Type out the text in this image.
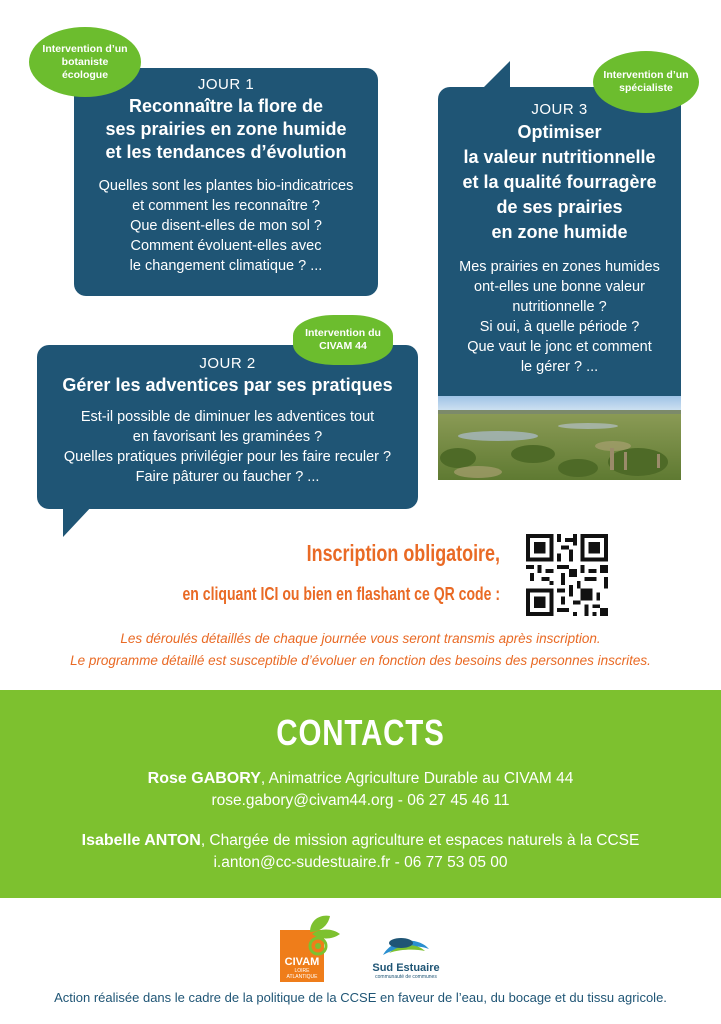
JOUR 1
Reconnaître la flore de
ses prairies en zone humide
et les tendances d’évolution
Quelles sont les plantes bio-indicatrices
et comment les reconnaître ?
Que disent-elles de mon sol ?
Comment évoluent-elles avec
le changement climatique ? ...
Intervention d’un botaniste écologue
JOUR 2
Gérer les adventices par ses pratiques
Est-il possible de diminuer les adventices tout
en favorisant les graminées ?
Quelles pratiques privilégier pour les faire reculer ?
Faire pâturer ou faucher ? ...
Intervention du CIVAM 44
JOUR 3
Optimiser
la valeur nutritionnelle
et la qualité fourragère
de ses prairies
en zone humide
Mes prairies en zones humides
ont-elles une bonne valeur
nutritionnelle ?
Si oui, à quelle période ?
Que vaut le jonc et comment
le gérer ? ...
Intervention d’un spécialiste
Inscription obligatoire,
en cliquant ICI ou bien en flashant ce QR code :
Les déroulés détaillés de chaque journée vous seront transmis après inscription.
Le programme détaillé est susceptible d’évoluer en fonction des besoins des personnes inscrites.
CONTACTS
Rose GABORY, Animatrice Agriculture Durable au CIVAM 44
rose.gabory@civam44.org - 06 27 45 46 11
Isabelle ANTON, Chargée de mission agriculture et espaces naturels à la CCSE
i.anton@cc-sudestuaire.fr - 06 77 53 05 00
CIVAM
LOIRE
ATLANTIQUE
Sud Estuaire
communauté de communes
Action réalisée dans le cadre de la politique de la CCSE en faveur de l’eau, du bocage et du tissu agricole.
